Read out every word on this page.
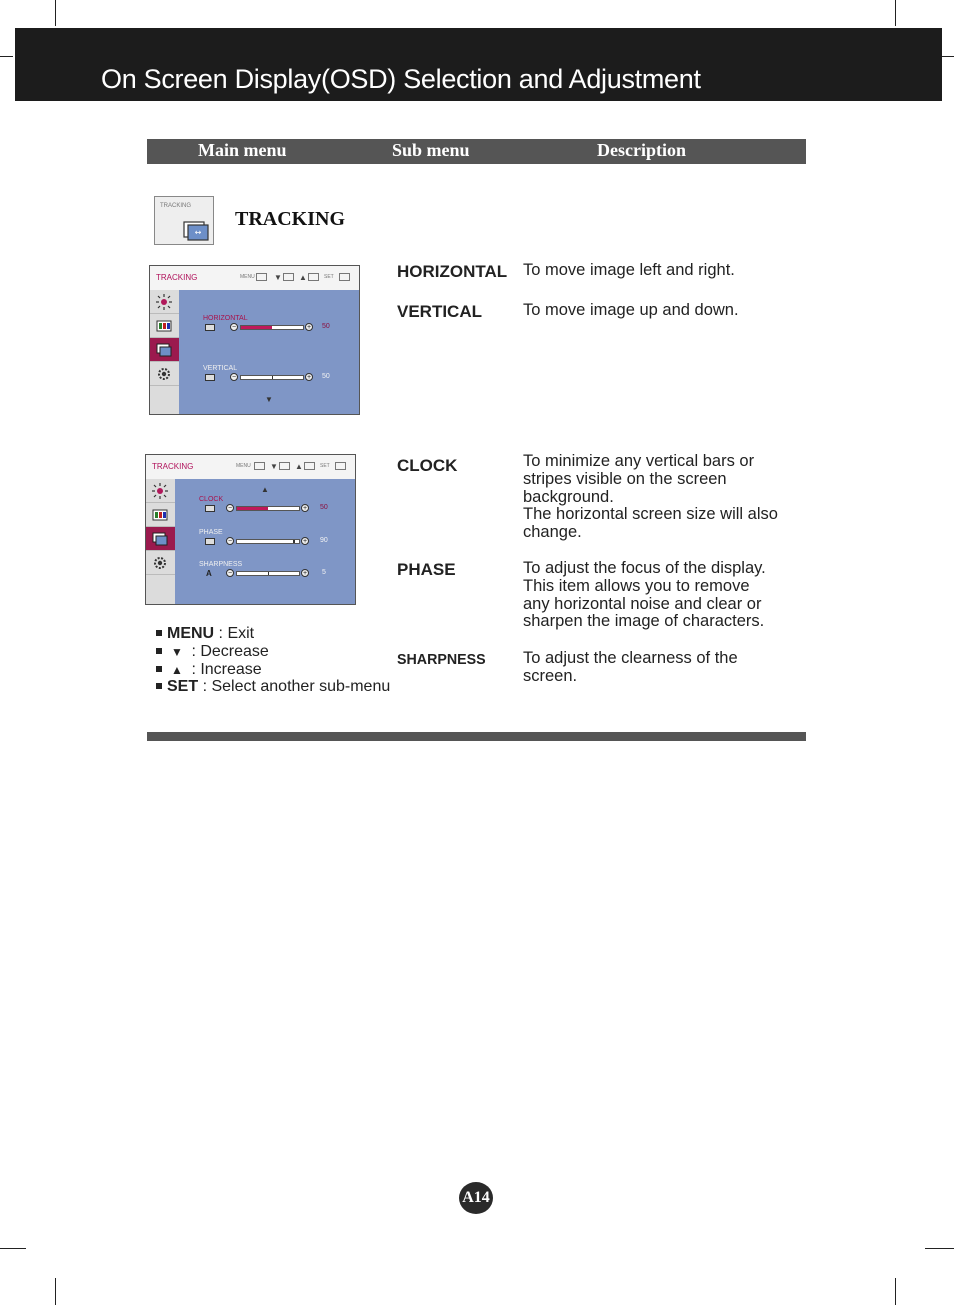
On Screen Display(OSD) Selection and Adjustment
Main menu	Sub menu	Description
TRACKING
↔
TRACKING
TRACKING	MENU ▼ ▲	SET
HORIZONTAL
−	+ 50
VERTICAL
−	+ 50
▼
TRACKING	MENU ▼ ▲	SET
▲
CLOCK
−	+ 50
PHASE
−	+ 90
SHARPNESS
A −	+ 5
HORIZONTAL To move image left and right.
VERTICAL To move image up and down.
CLOCK	To minimize any vertical bars or
stripes visible on the screen
background.
The horizontal screen size will also
change.
PHASE	To adjust the focus of the display.
This item allows you to remove
any horizontal noise and clear or
sharpen the image of characters.
SHARPNESS To adjust the clearness of the
screen.
MENU : Exit
▼ : Decrease
▲ : Increase
SET : Select another sub-menu
A14
